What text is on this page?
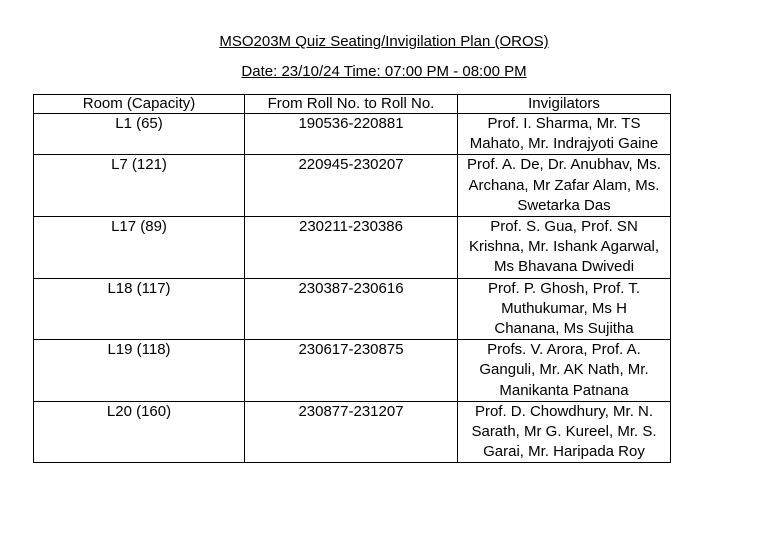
MSO203M Quiz Seating/Invigilation Plan (OROS)
Date: 23/10/24 Time: 07:00 PM - 08:00 PM
Room (Capacity)	From Roll No. to Roll No.	Invigilators
L1 (65)	190536-220881	Prof. I. Sharma, Mr. TS
Mahato, Mr. Indrajyoti Gaine

L7 (121)	220945-230207	Prof. A. De, Dr. Anubhav, Ms.
Archana, Mr Zafar Alam, Ms.
Swetarka Das

L17 (89)	230211-230386	Prof. S. Gua, Prof. SN
Krishna, Mr. Ishank Agarwal,
Ms Bhavana Dwivedi

L18 (117)	230387-230616	Prof. P. Ghosh, Prof. T.
Muthukumar, Ms H
Chanana, Ms Sujitha

L19 (118)	230617-230875	Profs. V. Arora, Prof. A.
Ganguli, Mr. AK Nath, Mr.
Manikanta Patnana

L20 (160)	230877-231207	Prof. D. Chowdhury, Mr. N.
Sarath, Mr G. Kureel, Mr. S.
Garai, Mr. Haripada Roy
